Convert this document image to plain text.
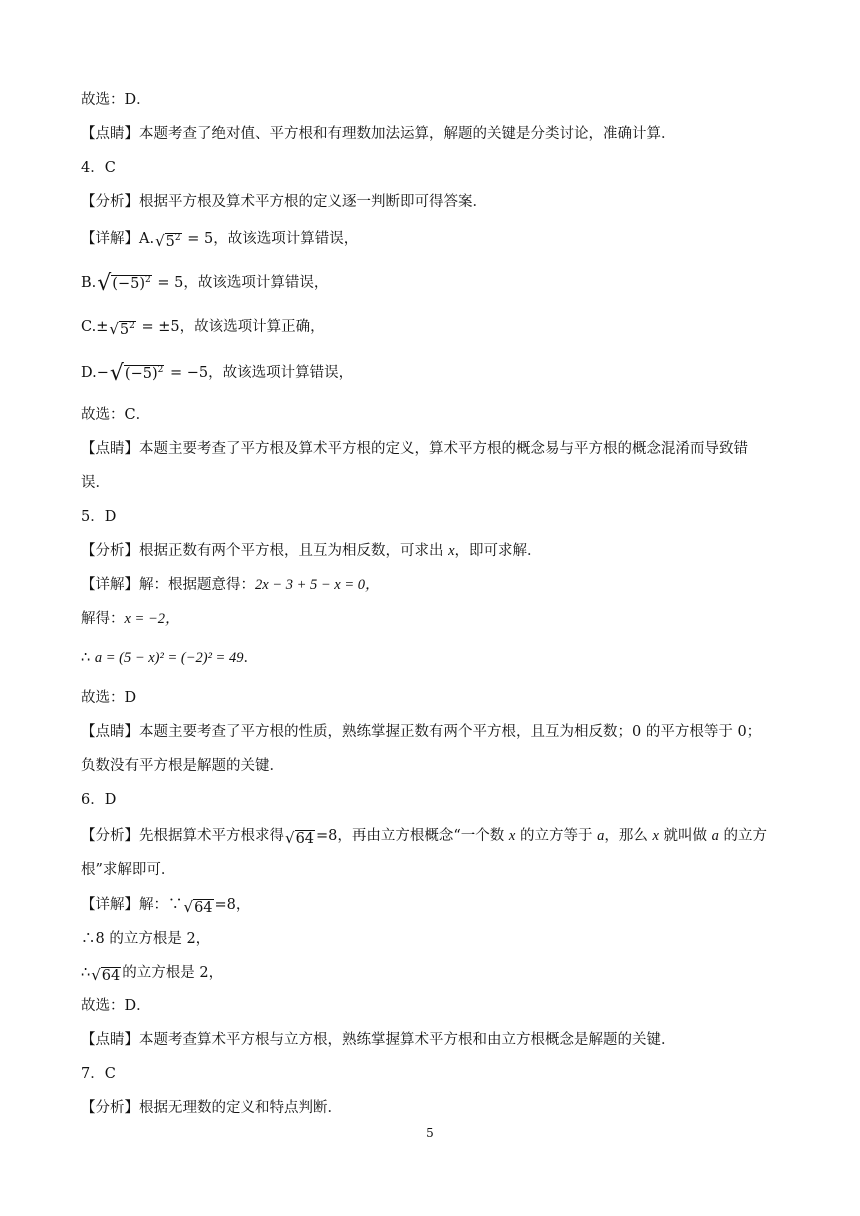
故选：D．
【点睛】本题考查了绝对值、平方根和有理数加法运算，解题的关键是分类讨论，准确计算．
4．C
【分析】根据平方根及算术平方根的定义逐一判断即可得答案．
【详解】A. √ $5^2 = 5$，故该选项计算错误，
B. √ $(-5)^2 = 5$，故该选项计算错误，
C.± √ $5^2 = \pm 5$，故该选项计算正确，
D.− √ $(-5)^2 = -5$，故该选项计算错误，
故选：C．
【点睛】本题主要考查了平方根及算术平方根的定义，算术平方根的概念易与平方根的概念混淆而导致错
误．
5．D
【分析】根据正数有两个平方根，且互为相反数，可求出 x，即可求解．
【详解】解：根据题意得：2x − 3 + 5 − x = 0，
解得：x = −2，
∴ a = (5 − x)² = (−2)² = 49．
故选：D
【点睛】本题主要考查了平方根的性质，熟练掌握正数有两个平方根，且互为相反数；0 的平方根等于 0；
负数没有平方根是解题的关键．
6．D
【分析】先根据算术平方根求得 √ 64 =8，再由立方根概念“一个数 x 的立方等于 a，那么 x 就叫做 a 的立方
根”求解即可．
【详解】解：∵ √ 64 =8，
∴8 的立方根是 2，
∴ √ 64 的立方根是 2，
故选：D．
【点睛】本题考查算术平方根与立方根，熟练掌握算术平方根和由立方根概念是解题的关键．
7．C
【分析】根据无理数的定义和特点判断．
5
